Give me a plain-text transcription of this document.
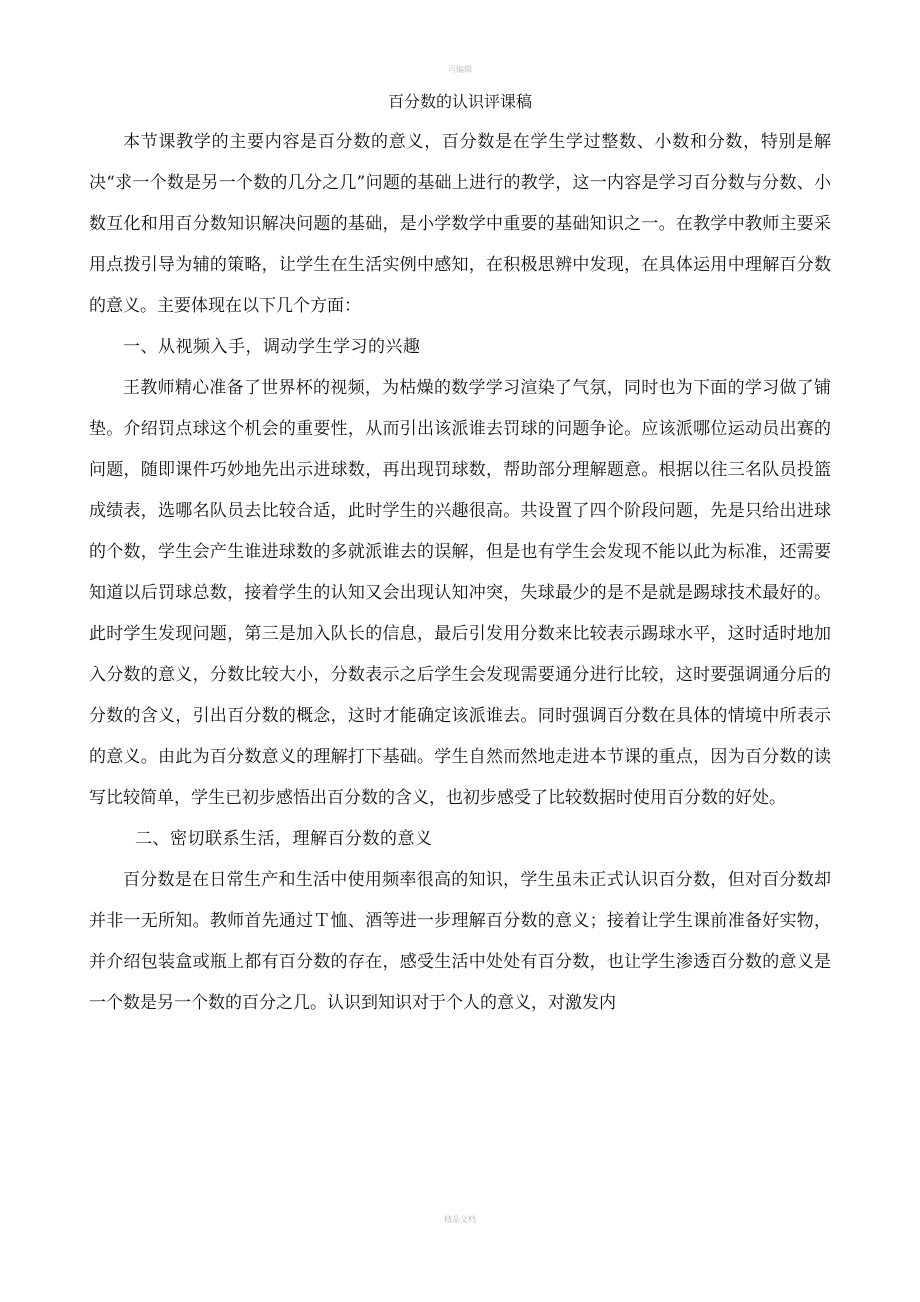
可编辑
百分数的认识评课稿

本节课教学的主要内容是百分数的意义，百分数是在学生学过整数、小数和分数，特别是解决“求一个数是另一个数的几分之几”问题的基础上进行的教学，这一内容是学习百分数与分数、小数互化和用百分数知识解决问题的基础，是小学数学中重要的基础知识之一。在教学中教师主要采用点拨引导为辅的策略，让学生在生活实例中感知，在积极思辨中发现，在具体运用中理解百分数的意义。主要体现在以下几个方面：

一、从视频入手，调动学生学习的兴趣

王教师精心准备了世界杯的视频，为枯燥的数学学习渲染了气氛，同时也为下面的学习做了铺垫。介绍罚点球这个机会的重要性，从而引出该派谁去罚球的问题争论。应该派哪位运动员出赛的问题，随即课件巧妙地先出示进球数，再出现罚球数，帮助部分理解题意。根据以往三名队员投篮成绩表，选哪名队员去比较合适，此时学生的兴趣很高。共设置了四个阶段问题，先是只给出进球的个数，学生会产生谁进球数的多就派谁去的误解，但是也有学生会发现不能以此为标准，还需要知道以后罚球总数，接着学生的认知又会出现认知冲突，失球最少的是不是就是踢球技术最好的。此时学生发现问题，第三是加入队长的信息，最后引发用分数来比较表示踢球水平，这时适时地加入分数的意义，分数比较大小，分数表示之后学生会发现需要通分进行比较，这时要强调通分后的分数的含义，引出百分数的概念，这时才能确定该派谁去。同时强调百分数在具体的情境中所表示的意义。由此为百分数意义的理解打下基础。学生自然而然地走进本节课的重点，因为百分数的读写比较简单，学生已初步感悟出百分数的含义，也初步感受了比较数据时使用百分数的好处。

二、密切联系生活，理解百分数的意义

百分数是在日常生产和生活中使用频率很高的知识，学生虽未正式认识百分数，但对百分数却并非一无所知。教师首先通过Ｔ恤、酒等进一步理解百分数的意义；接着让学生课前准备好实物，并介绍包装盒或瓶上都有百分数的存在，感受生活中处处有百分数，也让学生渗透百分数的意义是一个数是另一个数的百分之几。认识到知识对于个人的意义，对激发内

精品文档
